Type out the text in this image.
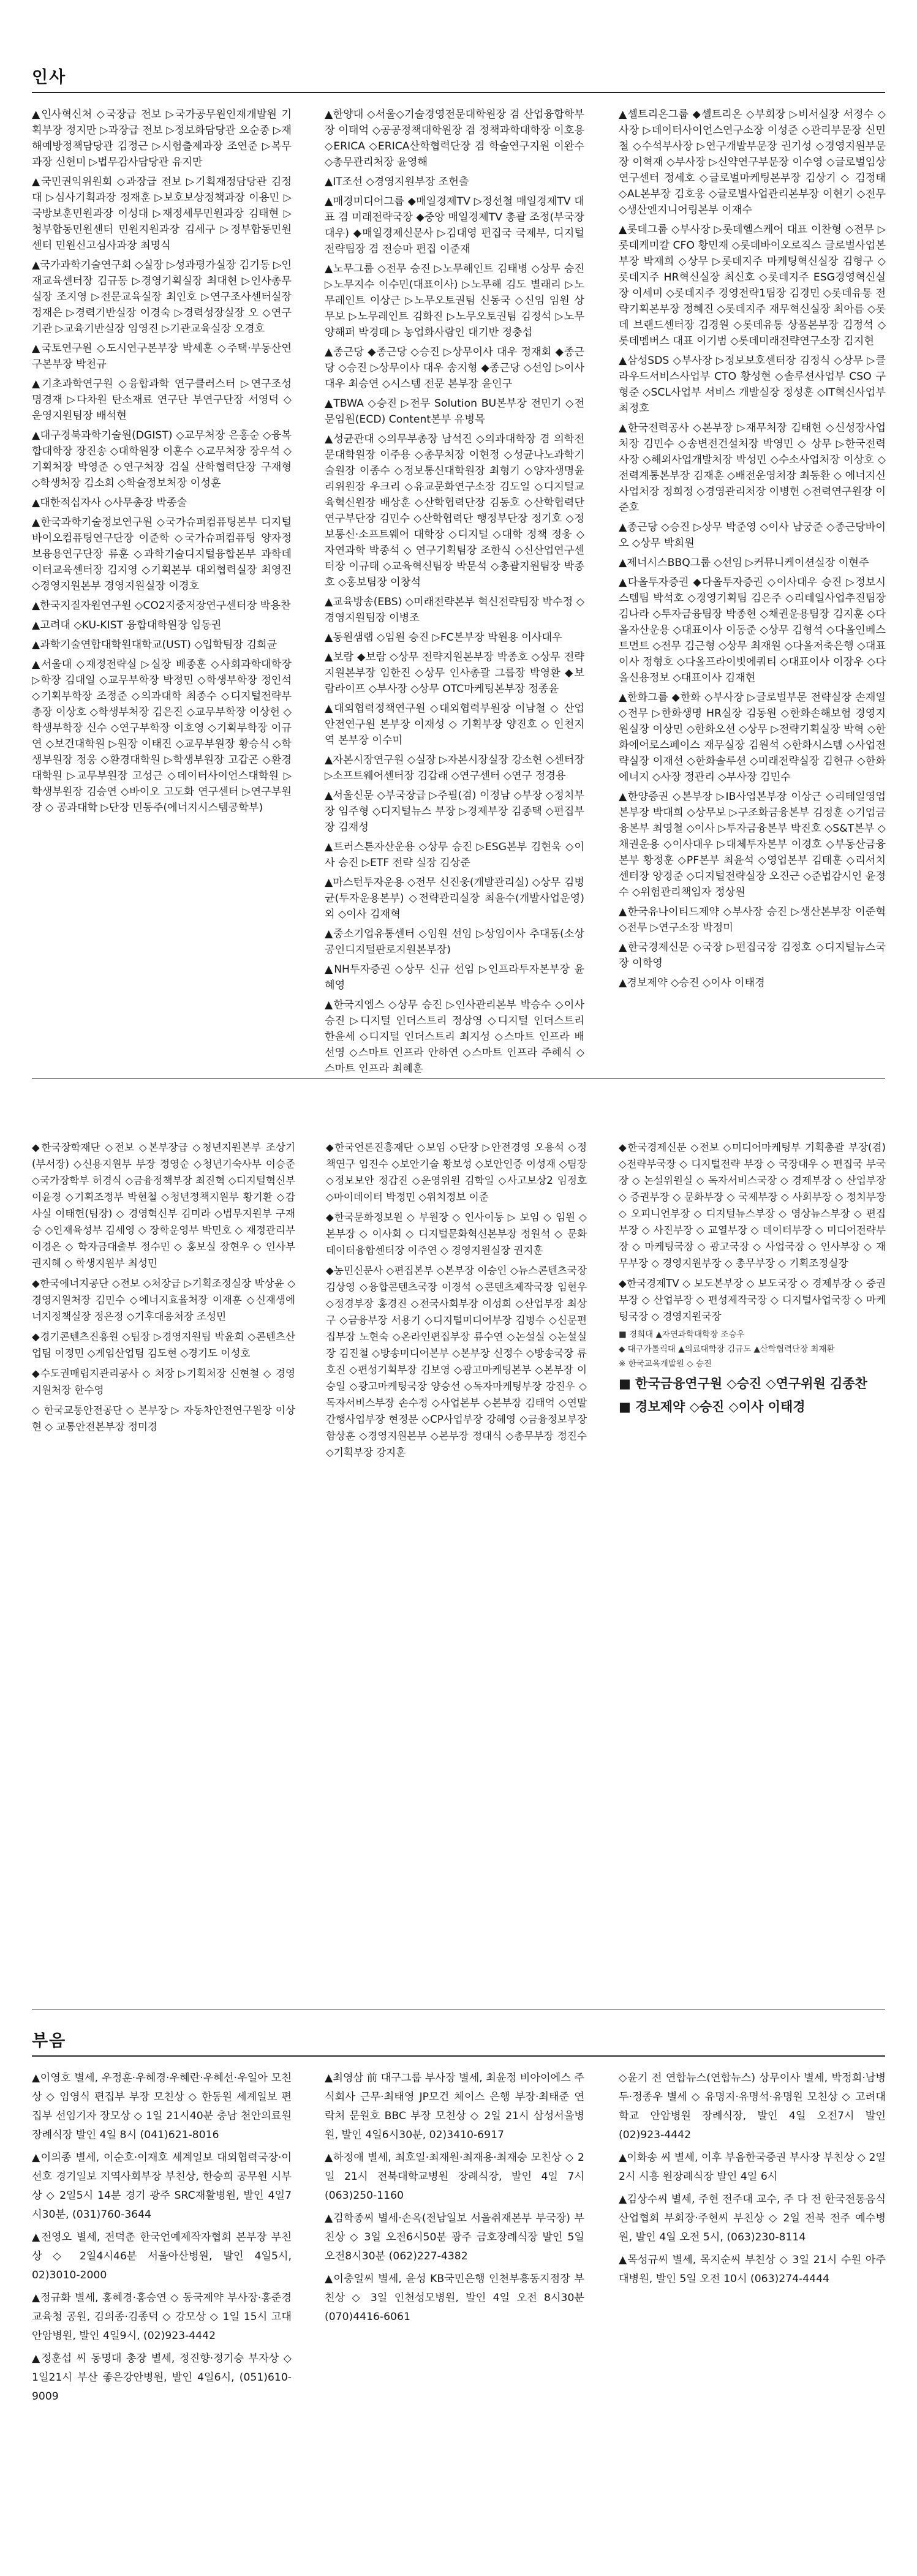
인사

▲인사혁신처 ◇국장급 전보 ▷국가공무원인재개발원 기획부장 정지만 ▷과장급 전보 ▷정보화담당관 오순종 ▷재해예방정책담당관 김정근 ▷시험출제과장 조연준 ▷복무과장 신현미 ▷법무감사담당관 유지만

▲국민권익위원회 ◇과장급 전보 ▷기획재정담당관 김정대 ▷심사기획과장 정재훈 ▷보호보상정책과장 이용민 ▷국방보훈민원과장 이성대 ▷재정세무민원과장 김태현 ▷청부합동민원센터 민원지원과장 김세구 ▷정부합동민원센터 민원신고심사과장 최명식

▲국가과학기술연구회 ◇실장 ▷성과평가실장 김기동 ▷인재교육센터장 김규동 ▷경영기획실장 최대현 ▷인사총무실장 조지영 ▷전문교육실장 최인호 ▷연구조사센터실장 정재은 ▷경력기반실장 이경숙 ▷경력성장실장 오 ◇연구기관 ▷교육기반실장 임영진 ▷기관교육실장 오경호

▲국토연구원 ◇도시연구본부장 박세훈 ◇주택·부동산연구본부장 박천규

▲기초과학연구원 ◇융합과학 연구클러스터 ▷연구조성 명경재 ▷다차원 탄소재료 연구단 부연구단장 서영덕 ◇운영지원팀장 배석현

▲대구경북과학기술원(DGIST) ◇교무처장 은홍순 ◇융복합대학장 장진송 ◇대학원장 이훈수 ◇교무처장 장우석 ◇기획처장 박영준 ◇연구처장 검실 산학협력단장 구재형 ◇학생처장 김소희 ◇학술정보처장 이성훈

▲대한적십자사 ◇사무총장 박종술

▲한국과학기술정보연구원 ◇국가슈퍼컴퓨팅본부 디지털바이오컴퓨팅연구단장 이준학 ◇국가슈퍼컴퓨팅 양자정보융용연구단장 류훈 ◇과학기술디지털융합본부 과학데이터교육센터장 김지영 ◇기획본부 대외협력실장 최영진 ◇경영지원본부 경영지원실장 이경호

▲한국지질자원연구원 ◇CO2지중저장연구센터장 박용찬

▲고려대 ◇KU-KIST 융합대학원장 임동권

▲과학기술연합대학원대학교(UST) ◇입학팀장 김희균

▲서울대 ◇재정전략실 ▷실장 배종훈 ◇사회과학대학장 ▷학장 김대일 ◇교무부학장 박정민 ◇학생부학장 정인석 ◇기획부학장 조정준 ◇의과대학 최종수 ◇디지털전략부총장 이상호 ◇학생부처장 김은진 ◇교무부학장 이상헌 ◇학생부학장 신수 ◇연구부학장 이호영 ◇기획부학장 이규연 ◇보건대학원 ▷원장 이태진 ◇교무부원장 황승식 ◇학생부원장 정웅 ◇환경대학원 ▷학생부원장 고갑곤 ◇환경대학원 ▷교무부원장 고성근 ◇데이터사이언스대학원 ▷학생부원장 김승연 ◇바이오 고도화 연구센터 ▷연구부원장 ◇ 공과대학 ▷단장 민동주(에너지시스템공학부)

▲한양대 ◇서울◇기술경영전문대학원장 겸 산업융합학부장 이태억 ◇공공정책대학원장 겸 정책과학대학장 이호용 ◇ERICA ◇ERICA산학협력단장 겸 학술연구지원 이완수 ◇총무관리처장 윤영해

▲IT조선 ◇경영지원부장 조헌출

▲매경미디어그룹 ◆매일경제TV ▷정선철 매일경제TV 대표 겸 미래전략국장 ◆중앙 매일경제TV 총괄 조정(부국장대우) ◆매일경제신문사 ▷김대영 편집국 국제부, 디지털전략팀장 겸 전승마 편집 이준재

▲노무그룹 ◇전무 승진 ▷노무해인트 김태병 ◇상무 승진 ▷노무지수 이수민(대표이사) ▷노무해 김도 별래리 ▷노무레인트 이상근 ▷노무오토권팀 신동국 ◇신임 임원 상무보 ▷노무레인트 김화진 ▷노무오토권팀 김정석 ▷노무양해퍼 박경태 ▷ 농업화사람인 대기반 정충섭

▲종근당 ◆종근당 ◇승진 ▷상무이사 대우 정재회 ◆종근당 ◇승진 ▷상무이사 대우 송지형 ◆종근당 ◇선임 ▷이사대우 최승연 ◇시스템 전문 본부장 윤인구

▲TBWA ◇승진 ▷전무 Solution BU본부장 전민기 ◇전문임원(ECD) Content본부 유병목

▲성균관대 ◇의무부총장 남석진 ◇의과대학장 겸 의학전문대학원장 이주용 ◇총무처장 이현정 ◇성균나노과학기술원장 이종수 ◇정보통신대학원장 최형기 ◇양자생명윤리위원장 우크리 ◇유교문화연구소장 김도일 ◇디지털교육혁신원장 배상훈 ◇산학협력단장 김동호 ◇산학협력단 연구부단장 김민수 ◇산학협력단 행정부단장 정기호 ◇정보통신·소프트웨어 대학장 ◇디지털 ◇대학 정책 정웅 ◇자연과학 박종석 ◇ 연구기획팀장 조한식 ◇신산업연구센터장 이규태 ◇교육혁신팀장 박문석 ◇총괄지원팀장 박종호 ◇홍보팀장 이창석

▲교육방송(EBS) ◇미래전략본부 혁신전략팀장 박수정 ◇경영지원팀장 이병조

▲동원샘랩 ◇임원 승진 ▷FC본부장 박원용 이사대우

▲보람 ◆보람 ◇상무 전략지원본부장 박종호 ◇상무 전략지원본부장 임한진 ◇상무 인사총괄 그룹장 박영환 ◆보람라이프 ◇부사장 ◇상무 OTC마케팅본부장 정종윤

▲대외협력정책연구원 ◇대외협력부원장 이남철 ◇ 산업 안전연구원 본부장 이재성 ◇ 기획부장 양진호 ◇ 인천지역 본부장 이수미

▲자본시장연구원 ◇실장 ▷자본시장실장 강소현 ◇센터장 ▷소프트웨어센터장 김갑래 ◇연구센터 ◇연구 정경용

▲서울신문 ◇부국장급 ▷주필(겸) 이정남 ◇부장 ◇정치부장 임주형 ◇디지털뉴스 부장 ▷경제부장 김종택 ◇편집부장 김재성

▲트러스톤자산운용 ◇상무 승진 ▷ESG본부 김현욱 ◇이사 승진 ▷ETF 전략 실장 김상준

▲마스턴투자운용 ◇전무 신진웅(개발관리실) ◇상무 김병균(투자운용본부) ◇전략관리실장 최윤수(개발사업운영) 외 ◇이사 김재혁

▲중소기업유통센터 ◇임원 선임 ▷상임이사 추대동(소상공인디지털판로지원본부장)

▲NH투자증권 ◇상무 신규 선임 ▷인프라투자본부장 윤혜영

▲한국지엠스 ◇상무 승진 ▷인사관리본부 박승수 ◇이사 승진 ▷디지털 인더스트리 정상영 ◇디지털 인더스트리 한윤세 ◇디지털 인더스트리 최지성 ◇스마트 인프라 배선영 ◇스마트 인프라 안하연 ◇스마트 인프라 주혜식 ◇스마트 인프라 최혜훈

▲셀트리온그룹 ◆셀트리온 ◇부회장 ▷비서실장 서정수 ◇사장 ▷데이터사이언스연구소장 이성준 ◇관리부문장 신민철 ◇수석부사장 ▷연구개발부문장 권기성 ◇경영지원부문장 이혁재 ◇부사장 ▷신약연구부문장 이수영 ◇글로벌임상연구센터 정세호 ◇글로벌마케팅본부장 김상기 ◇ 김정태 ◇AL본부장 김호웅 ◇글로벌사업관리본부장 이현기 ◇전무 ◇생산엔지니어링본부 이재수

▲롯데그룹 ◇부사장 ▷롯데헬스케어 대표 이찬형 ◇전무 ▷롯데케미칼 CFO 황민재 ◇롯데바이오로직스 글로벌사업본부장 박재희 ◇상무 ▷롯데지주 마케팅혁신실장 김형구 ◇롯데지주 HR혁신실장 최신호 ◇롯데지주 ESG경영혁신실장 이세미 ◇롯데지주 경영전략1팀장 김경민 ◇롯데유통 전략기획본부장 정혜진 ◇롯데지주 재무혁신실장 최아름 ◇롯데 브랜드센터장 김경원 ◇롯데유통 상품본부장 김정석 ◇롯데멤버스 대표 이기범 ◇롯데미래전략연구소장 김지현

▲삼성SDS ◇부사장 ▷정보보호센터장 김정식 ◇상무 ▷클라우드서비스사업부 CTO 황성현 ◇솔루션사업부 CSO 구형준 ◇SCL사업부 서비스 개발실장 정성훈 ◇IT혁신사업부 최정호

▲한국전력공사 ◇본부장 ▷재무처장 김태현 ◇신성장사업처장 김민수 ◇송변전건설처장 박영민 ◇ 상무 ▷한국전력 사장 ◇해외사업개발처장 박성민 ◇수소사업처장 이상호 ◇전력계통본부장 김재훈 ◇배전운영처장 최동환 ◇ 에너지신사업처장 정희정 ◇경영관리처장 이병헌 ◇전력연구원장 이준호

▲종근당 ◇승진 ▷상무 박준영 ◇이사 남궁준 ◇종근당바이오 ◇상무 박희원

▲제너시스BBQ그룹 ◇선임 ▷커뮤니케이션실장 이현주

▲다올투자증권 ◆다올투자증권 ◇이사대우 승진 ▷정보시스템팀 박석호 ◇경영기획팀 김은주 ◇리테일사업추진팀장 김나라 ◇투자금융팀장 박종현 ◇채권운용팀장 김지훈 ◇다올자산운용 ◇대표이사 이동준 ◇상무 김형석 ◇다올인베스트먼트 ◇전무 김근형 ◇상무 최재원 ◇다올저축은행 ◇대표이사 정형호 ◇다올프라이빗에쿼티 ◇대표이사 이장우 ◇다올신용정보 ◇대표이사 김재현

▲한화그룹 ◆한화 ◇부사장 ▷글로벌부문 전략실장 손재일 ◇전무 ▷한화생명 HR실장 김동원 ◇한화손해보험 경영지원실장 이상민 ◇한화오션 ◇상무 ▷전략기획실장 박혁 ◇한화에어로스페이스 재무실장 김원석 ◇한화시스템 ◇사업전략실장 이재선 ◇한화솔루션 ◇미래전략실장 김현규 ◇한화에너지 ◇사장 정관리 ◇부사장 김민수

▲한양증권 ◇본부장 ▷IB사업본부장 이상근 ◇리테일영업본부장 박대희 ◇상무보 ▷구조화금융본부 김정훈 ◇기업금융본부 최영철 ◇이사 ▷투자금융본부 박진호 ◇S&T본부 ◇채권운용 ◇이사대우 ▷대체투자본부 이경호 ◇부동산금융본부 황정훈 ◇PF본부 최윤석 ◇영업본부 김태훈 ◇리서치센터장 양경준 ◇디지털전략실장 오진근 ◇준법감시인 윤정수 ◇위험관리책임자 정상원

▲한국유나이티드제약 ◇부사장 승진 ▷생산본부장 이준혁 ◇전무 ▷연구소장 박정미

▲한국경제신문 ◇국장 ▷편집국장 김정호 ◇디지털뉴스국장 이학영

▲경보제약 ◇승진 ◇이사 이태경

◆한국장학재단 ◇전보 ◇본부장급 ◇청년지원본부 조상기(부서장) ◇신용지원부 부장 정영순 ◇청년기숙사부 이승준 ◇국가장학부 허경식 ◇금융정책부장 최진혁 ◇디지털혁신부 이윤경 ◇기획조정부 박현철 ◇청년정책지원부 황기환 ◇감사실 이태헌(팀장) ◇ 경영혁신부 김미라 ◇법무지원부 구재승 ◇인재육성부 김세영 ◇ 장학운영부 박민호 ◇ 재정관리부 이경은 ◇ 학자금대출부 정수민 ◇ 홍보실 장현우 ◇ 인사부 권지혜 ◇ 학생지원부 최성민

◆한국에너지공단 ◇전보 ◇처장급 ▷기획조정실장 박상윤 ◇경영지원처장 김민수 ◇에너지효율처장 이재훈 ◇신재생에너지정책실장 정은정 ◇기후대응처장 조성민

◆경기콘텐츠진흥원 ◇팀장 ▷경영지원팀 박윤희 ◇콘텐츠산업팀 이정민 ◇게임산업팀 김도현 ◇경기도 이성호

◆수도권매립지관리공사 ◇ 처장 ▷기획처장 신현철 ◇ 경영지원처장 한수영

◇ 한국교통안전공단 ◇ 본부장 ▷ 자동차안전연구원장 이상현 ◇ 교통안전본부장 정미경

◆한국언론진흥재단 ◇보임 ◇단장 ▷안전경영 오용석 ◇정책연구 임진수 ◇보안기술 황보성 ◇보안인증 이성재 ◇팀장 ◇정보보안 정갑진 ◇운영위원 김학일 ◇사고보상2 임정호 ◇마이데이터 박정민 ◇위치정보 이준

◆한국문화정보원 ◇ 부원장 ◇ 인사이동 ▷ 보임 ◇ 임원 ◇ 본부장 ◇ 이사회 ◇ 디지털문화혁신본부장 정원석 ◇ 문화데이터융합센터장 이주연 ◇ 경영지원실장 권지훈

◆농민신문사 ◇편집본부 ◇본부장 이승인 ◇뉴스콘텐츠국장 김상영 ◇융합콘텐츠국장 이경석 ◇콘텐츠제작국장 임현우 ◇정경부장 홍경진 ◇전국사회부장 이성희 ◇산업부장 최상구 ◇금융부장 서용기 ◇디지털미디어부장 김병수 ◇신문편집부장 노현숙 ◇온라인편집부장 류수연 ◇논설실 ◇논설실장 김진철 ◇방송미디어본부 ◇본부장 신정수 ◇방송국장 류호진 ◇편성기획부장 김보영 ◇광고마케팅본부 ◇본부장 이승일 ◇광고마케팅국장 양승선 ◇독자마케팅부장 강진우 ◇독자서비스부장 손수정 ◇사업본부 ◇본부장 김태억 ◇연말간행사업부장 현정문 ◇CP사업부장 강혜영 ◇금융정보부장 함상훈 ◇경영지원본부 ◇본부장 정대식 ◇총무부장 정진수 ◇기획부장 강지훈

◆한국경제신문 ◇전보 ◇미디어마케팅부 기획총괄 부장(겸) ◇전략부국장 ◇ 디지털전략 부장 ◇ 국장대우 ◇ 편집국 부국장 ◇ 논설위원실 ◇ 독자서비스국장 ◇ 경제부장 ◇ 산업부장 ◇ 증권부장 ◇ 문화부장 ◇ 국제부장 ◇ 사회부장 ◇ 정치부장 ◇ 오피니언부장 ◇ 디지털뉴스부장 ◇ 영상뉴스부장 ◇ 편집부장 ◇ 사진부장 ◇ 교열부장 ◇ 데이터부장 ◇ 미디어전략부장 ◇ 마케팅국장 ◇ 광고국장 ◇ 사업국장 ◇ 인사부장 ◇ 재무부장 ◇ 경영지원부장 ◇ 총무부장 ◇ 기획조정실장

◆한국경제TV ◇ 보도본부장 ◇ 보도국장 ◇ 경제부장 ◇ 증권부장 ◇ 산업부장 ◇ 편성제작국장 ◇ 디지털사업국장 ◇ 마케팅국장 ◇ 경영지원국장

■ 경희대 ▲자연과학대학장 조승우

◆ 대구가톨릭대 ▲의료대학장 김규도 ▲산학협력단장 최재환

※ 한국교육개발원 ◇ 승진

■ 한국금융연구원 ◇승진 ◇연구위원 김종찬

■ 경보제약 ◇승진 ◇이사 이태경

부음

▲이영호 별세, 우정훈·우혜경·우혜란·우혜선·우일아 모친상 ◇ 임영식 편집부 부장 모친상 ◇ 한동원 세계일보 편집부 선임기자 장모상 ◇ 1일 21시40분 충남 천안의료원장례식장 발인 4일 8시 (041)621-8016

▲이의종 별세, 이순호·이재호 세계일보 대외협력국장·이선호 경기일보 지역사회부장 부친상, 한승희 공무원 시부상 ◇ 2일5시 14분 경기 광주 SRC재활병원, 발인 4일7시30분, (031)760-3644

▲전영오 별세, 전덕춘 한국언예제작자협회 본부장 부친상 ◇ 2일4시46분 서울아산병원, 발인 4일5시, 02)3010-2000

▲정규화 별세, 홍혜경·홍승연 ◇ 동국제약 부사장·홍준경 교육청 공원, 김의종·김종덕 ◇ 강모상 ◇ 1일 15시 고대안암병원, 발인 4일9시, (02)923-4442

▲정훈섭 씨 동명대 총장 별세, 정진향·정기승 부자상 ◇ 1일21시 부산 좋은강안병원, 발인 4일6시, (051)610-9009

▲최영삼 前 대구그룹 부사장 별세, 최윤정 비아이에스 주식회사 근무·최태영 JP모건 체이스 은행 부장·최태준 연락처 문원호 BBC 부장 모친상 ◇ 2일 21시 삼성서울병원, 발인 4일6시30분, 02)3410-6917

▲하정애 별세, 최호일·최재원·최재용·최재승 모친상 ◇ 2일 21시 전북대학교병원 장례식장, 발인 4일 7시 (063)250-1160

▲김학종씨 별세·손옥(전남일보 서울취재본부 부국장) 부친상 ◇ 3일 오전6시50분 광주 금호장례식장 발인 5일 오전8시30분 (062)227-4382

▲이충일씨 별세, 윤성 KB국민은행 인천부흥동지점장 부친상 ◇ 3일 인천성모병원, 발인 4일 오전 8시30분 (070)4416-6061

◇윤기 전 연합뉴스(연합뉴스) 상무이사 별세, 박정희·남병두·정종우 별세 ◇ 유명지·유명석·유명원 모친상 ◇ 고려대학교 안암병원 장례식장, 발인 4일 오전7시 발인 (02)923-4442

▲이화송 씨 별세, 이후 부음한국증권 부사장 부친상 ◇ 2일 2시 시흥 원장례식장 발인 4일 6시

▲김상수씨 별세, 주현 전주대 교수, 주 다 전 한국전통음식산업협회 부회장·주현씨 부친상 ◇ 2일 전북 전주 예수병원, 발인 4일 오전 5시, (063)230-8114

▲목성규씨 별세, 목지순씨 부친상 ◇ 3일 21시 수원 아주대병원, 발인 5일 오전 10시 (063)274-4444
